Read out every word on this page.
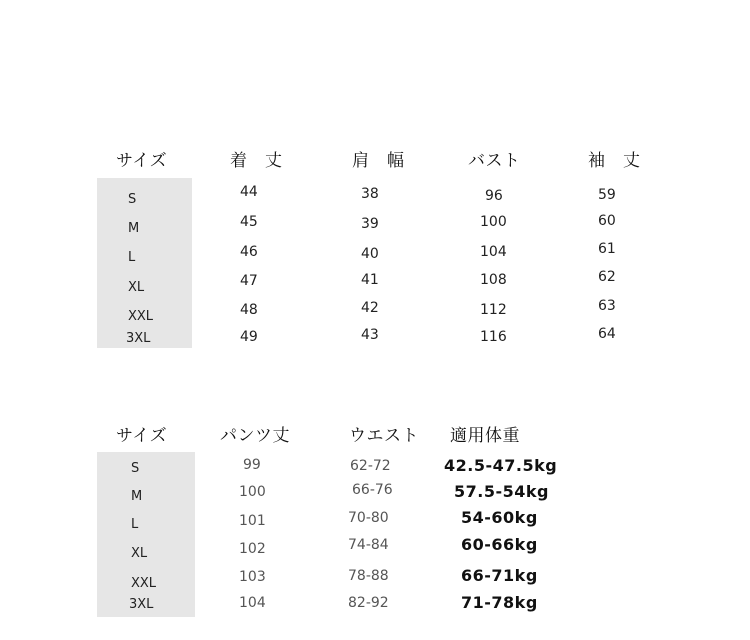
サイズ	着　丈	肩　幅	バスト	袖　丈
S	44	38	96	59
M	45	39	100	60
L	46	40	104	61
XL	47	41	108	62
XXL	48	42	112	63
3XL	49	43	116	64
サイズ	パンツ丈	ウエスト 適用体重
S	99	62-72	42.5-47.5kg
M	100	66-76	57.5-54kg
L	101	70-80	54-60kg
XL	102	74-84	60-66kg
XXL	103	78-88	66-71kg
3XL	104	82-92	71-78kg
